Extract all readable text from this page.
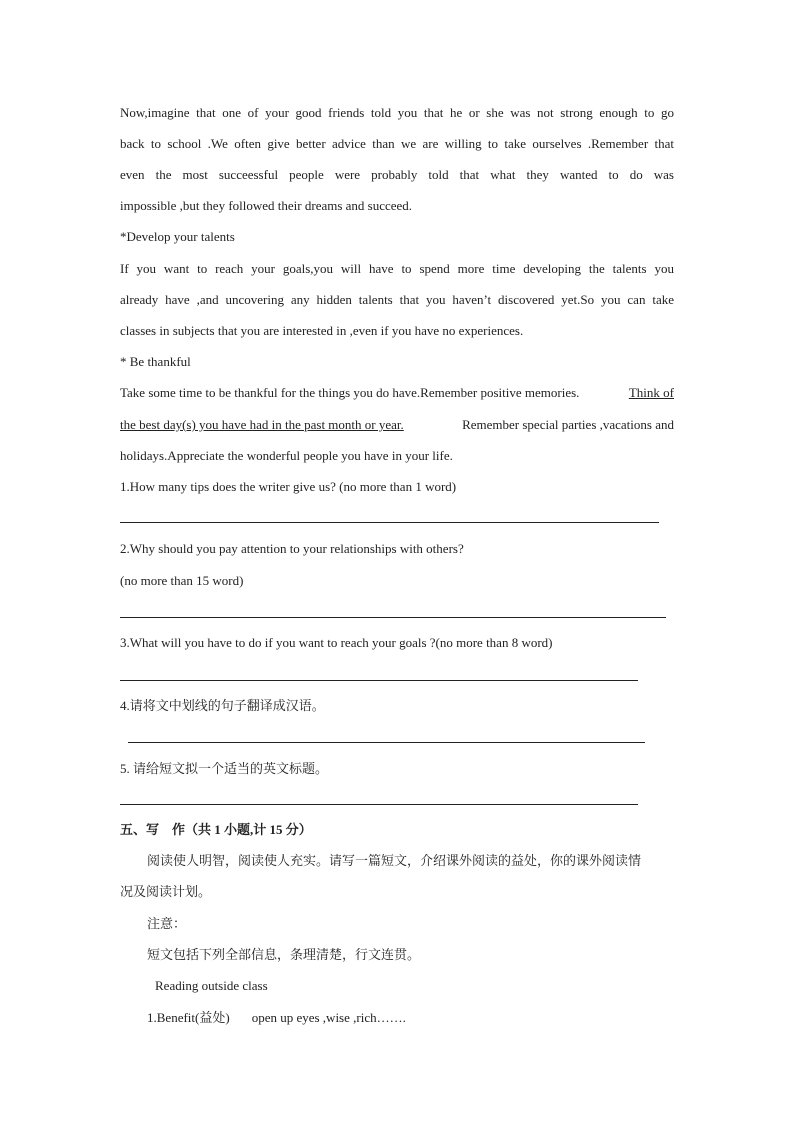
Now,imagine that one of your good friends told you that he or she was not strong enough to go
back to school .We often give better advice than we are willing to take ourselves .Remember that
even the most succeessful people were probably told that what they wanted to do was
impossible ,but they followed their dreams and succeed.
*Develop your talents
If you want to reach your goals,you will have to spend more time developing the talents you
already have ,and uncovering any hidden talents that you haven’t discovered yet.So you can take
classes in subjects that you are interested in ,even if you have no experiences.
* Be thankful
Take some time to be thankful for the things you do have.Remember positive memories.	Think of
the best day(s) you have had in the past month or year.	Remember special parties ,vacations and
holidays.Appreciate the wonderful people you have in your life.
1.How many tips does the writer give us? (no more than 1 word)
2.Why should you pay attention to your relationships with others?
(no more than 15 word)
3.What will you have to do if you want to reach your goals ?(no more than 8 word)
4.请将文中划线的句子翻译成汉语。
5. 请给短文拟一个适当的英文标题。
五、写    作（共 1 小题,计 15 分）
阅读使人明智，阅读使人充实。请写一篇短文，介绍课外阅读的益处，你的课外阅读情
况及阅读计划。
注意：
短文包括下列全部信息，条理清楚，行文连贯。
Reading outside class
1.Benefit(益处) open up eyes ,wise ,rich…….
